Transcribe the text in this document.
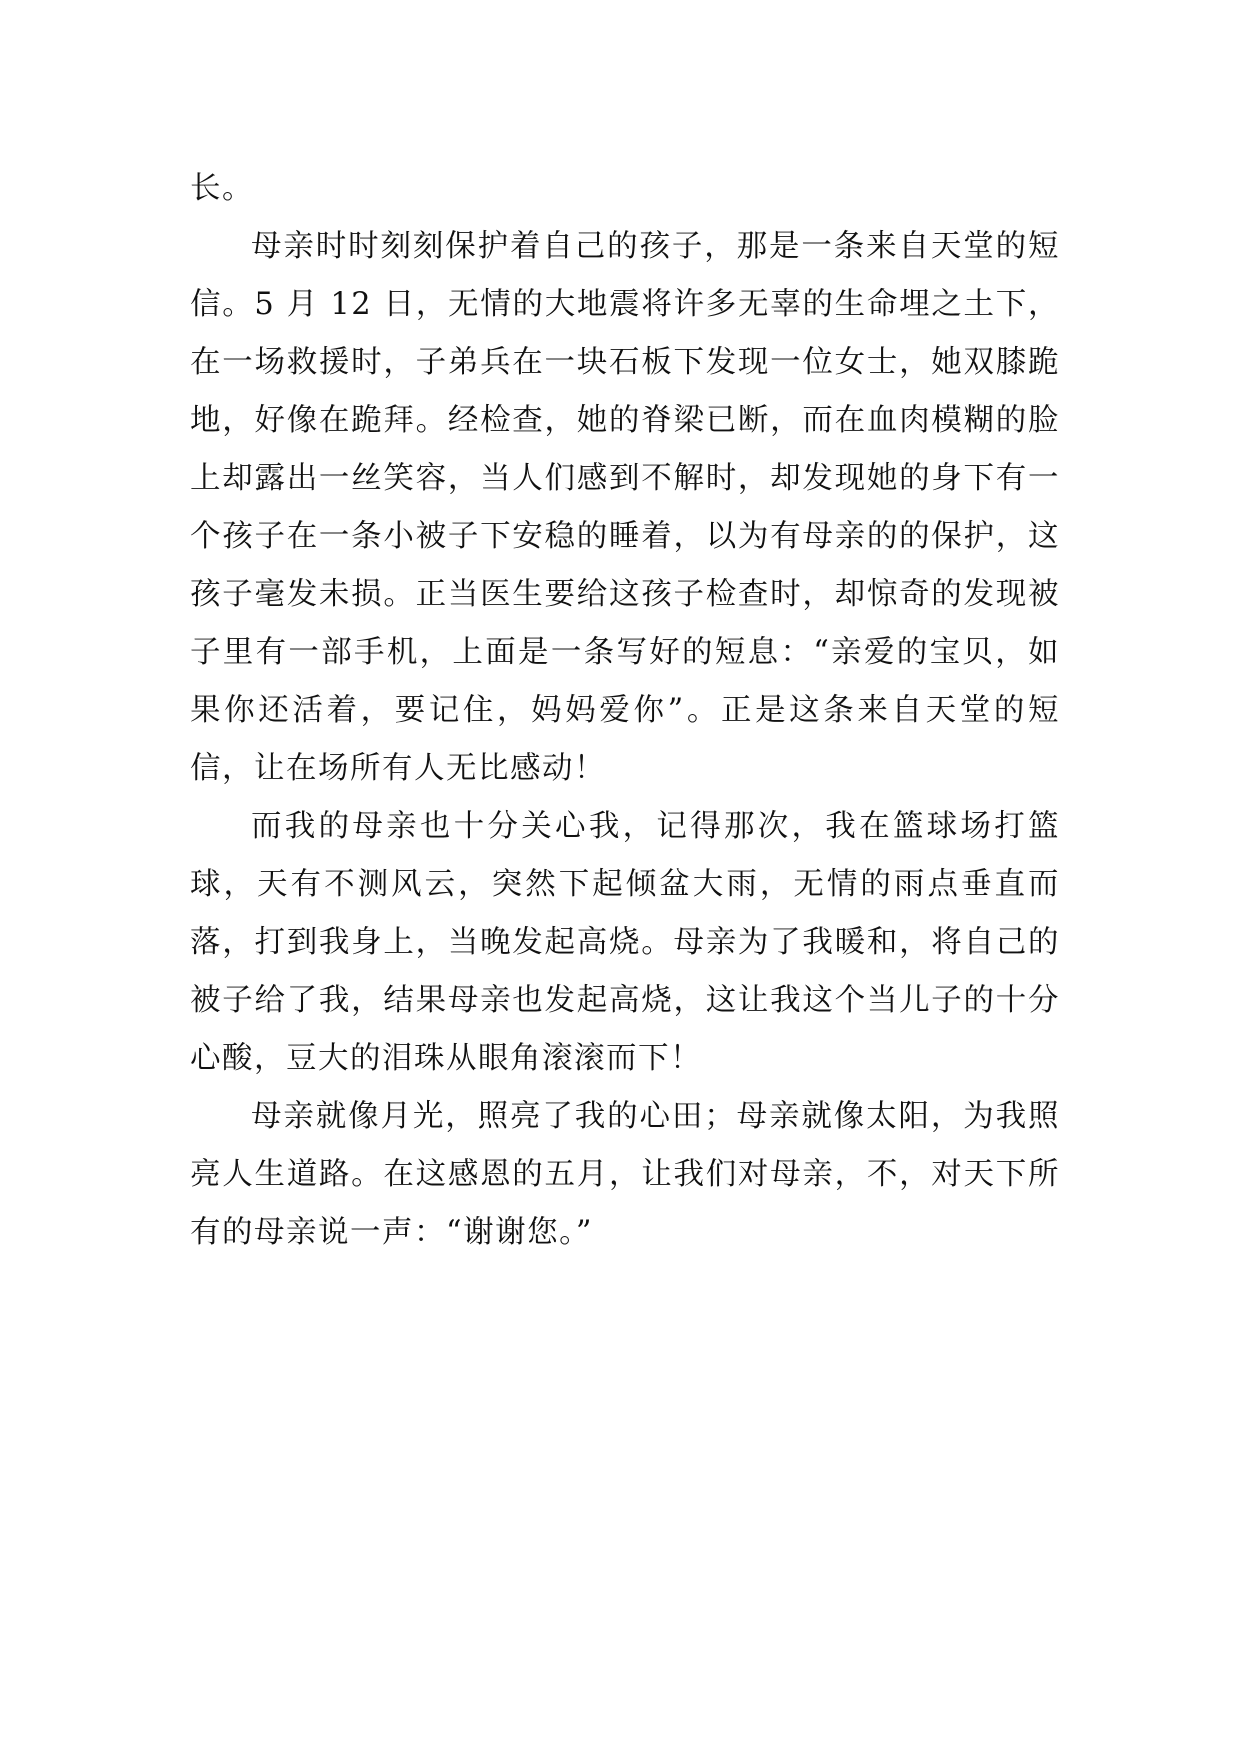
长。

母亲时时刻刻保护着自己的孩子，那是一条来自天堂的短信。5 月 12 日，无情的大地震将许多无辜的生命埋之土下，在一场救援时，子弟兵在一块石板下发现一位女士，她双膝跪地，好像在跪拜。经检查，她的脊梁已断，而在血肉模糊的脸上却露出一丝笑容，当人们感到不解时，却发现她的身下有一个孩子在一条小被子下安稳的睡着，以为有母亲的的保护，这孩子毫发未损。正当医生要给这孩子检查时，却惊奇的发现被子里有一部手机，上面是一条写好的短息：“亲爱的宝贝，如果你还活着，要记住，妈妈爱你”。正是这条来自天堂的短信，让在场所有人无比感动！

而我的母亲也十分关心我，记得那次，我在篮球场打篮球，天有不测风云，突然下起倾盆大雨，无情的雨点垂直而落，打到我身上，当晚发起高烧。母亲为了我暖和，将自己的被子给了我，结果母亲也发起高烧，这让我这个当儿子的十分心酸，豆大的泪珠从眼角滚滚而下！

母亲就像月光，照亮了我的心田；母亲就像太阳，为我照亮人生道路。在这感恩的五月，让我们对母亲，不，对天下所有的母亲说一声：“谢谢您。”
